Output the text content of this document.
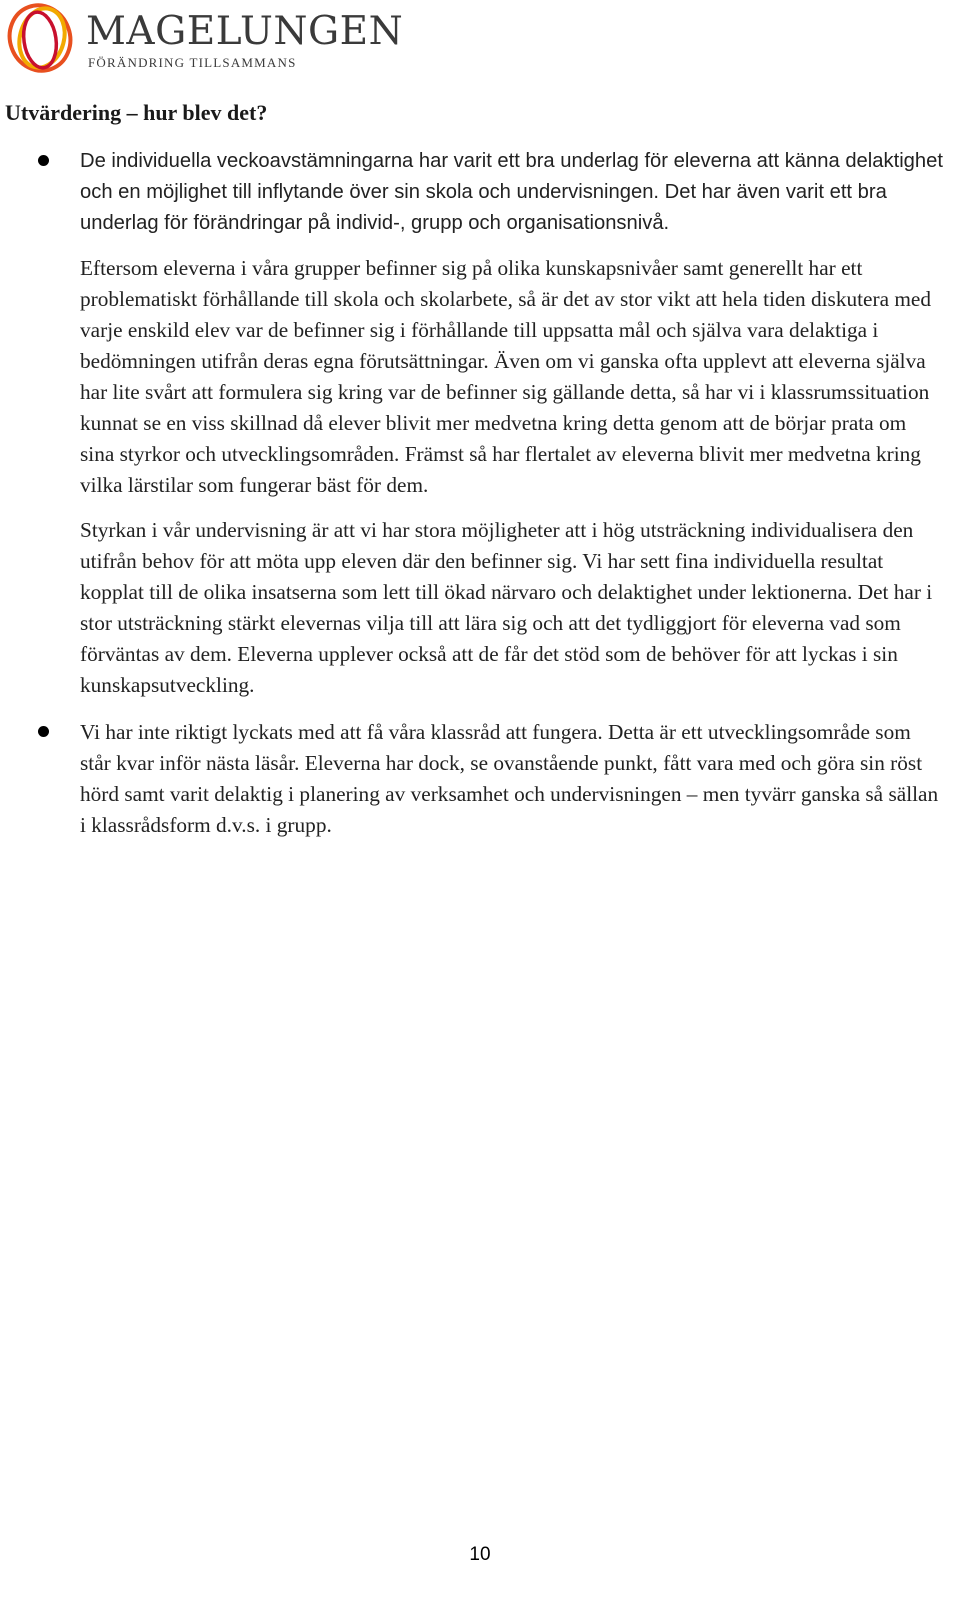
MAGELUNGEN
FÖRÄNDRING TILLSAMMANS
Utvärdering – hur blev det?

De individuella veckoavstämningarna har varit ett bra underlag för eleverna att känna delaktighet och en möjlighet till inflytande över sin skola och undervisningen. Det har även varit ett bra underlag för förändringar på individ-, grupp och organisationsnivå.

Eftersom eleverna i våra grupper befinner sig på olika kunskapsnivåer samt generellt har ett problematiskt förhållande till skola och skolarbete, så är det av stor vikt att hela tiden diskutera med varje enskild elev var de befinner sig i förhållande till uppsatta mål och själva vara delaktiga i bedömningen utifrån deras egna förutsättningar. Även om vi ganska ofta upplevt att eleverna själva har lite svårt att formulera sig kring var de befinner sig gällande detta, så har vi i klassrumssituation kunnat se en viss skillnad då elever blivit mer medvetna kring detta genom att de börjar prata om sina styrkor och utvecklingsområden. Främst så har flertalet av eleverna blivit mer medvetna kring vilka lärstilar som fungerar bäst för dem.

Styrkan i vår undervisning är att vi har stora möjligheter att i hög utsträckning individualisera den utifrån behov för att möta upp eleven där den befinner sig. Vi har sett fina individuella resultat kopplat till de olika insatserna som lett till ökad närvaro och delaktighet under lektionerna. Det har i stor utsträckning stärkt elevernas vilja till att lära sig och att det tydliggjort för eleverna vad som förväntas av dem. Eleverna upplever också att de får det stöd som de behöver för att lyckas i sin kunskapsutveckling.

Vi har inte riktigt lyckats med att få våra klassråd att fungera. Detta är ett utvecklingsområde som står kvar inför nästa läsår. Eleverna har dock, se ovanstående punkt, fått vara med och göra sin röst hörd samt varit delaktig i planering av verksamhet och undervisningen – men tyvärr ganska så sällan i klassrådsform d.v.s. i grupp.

10
